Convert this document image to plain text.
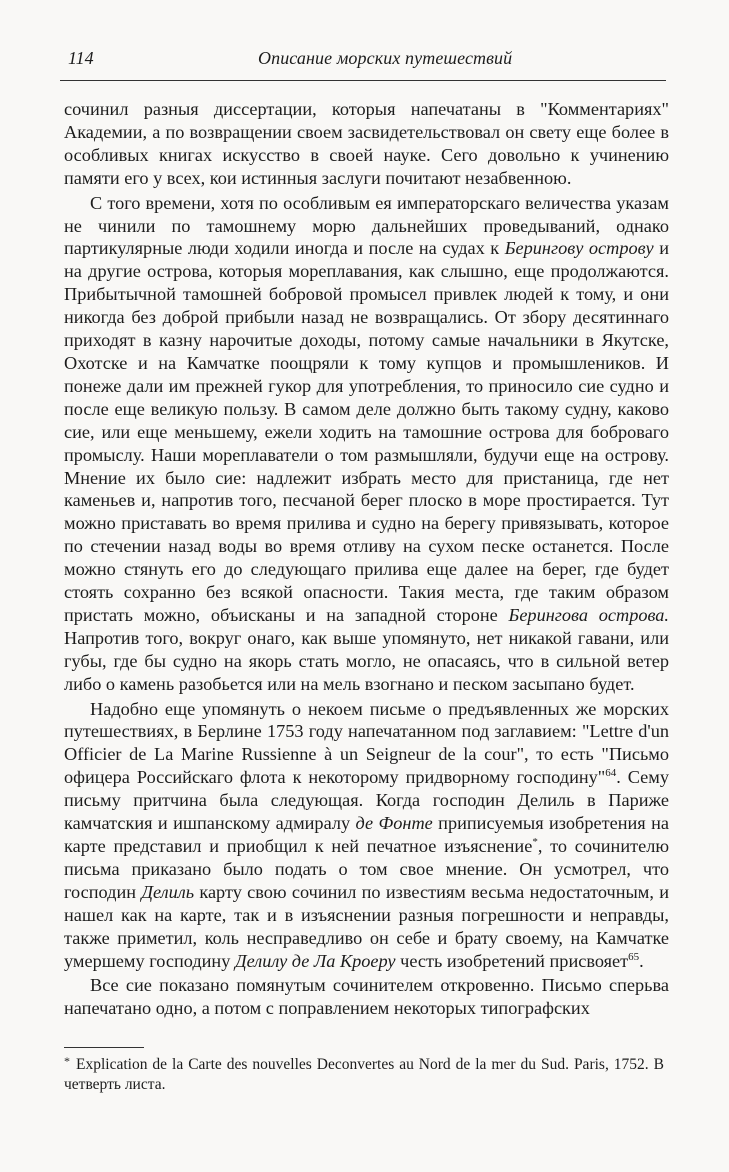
114	Описание морских путешествий

сочинил разныя диссертации, которыя напечатаны в "Комментариях" Академии, а по возвращении своем засвидетельствовал он свету еще более в особливых книгах искусство в своей науке. Сего довольно к учинению памяти его у всех, кои истинныя заслуги почитают незабвенною.

С того времени, хотя по особливым ея императорскаго величества указам не чинили по тамошнему морю дальнейших проведываний, однако партикулярные люди ходили иногда и после на судах к Берингову острову и на другие острова, которыя мореплавания, как слышно, еще продолжаются. Прибытычной тамошней бобровой промысел привлек людей к тому, и они никогда без доброй прибыли назад не возвращались. От збору десятиннаго приходят в казну нарочитые доходы, потому самые начальники в Якутске, Охотске и на Камчатке поощряли к тому купцов и промышлеников. И понеже дали им прежней гукор для употребления, то приносило сие судно и после еще великую пользу. В самом деле должно быть такому судну, каково сие, или еще меньшему, ежели ходить на тамошние острова для боброваго промыслу. Наши мореплаватели о том размышляли, будучи еще на острову. Мнение их было сие: надлежит избрать место для пристаница, где нет каменьев и, напротив того, песчаной берег плоско в море простирается. Тут можно приставать во время прилива и судно на берегу привязывать, которое по стечении назад воды во время отливу на сухом песке останется. После можно стянуть его до следующаго прилива еще далее на берег, где будет стоять сохранно без всякой опасности. Такия места, где таким образом пристать можно, объисканы и на западной стороне Берингова острова. Напротив того, вокруг онаго, как выше упомянуто, нет никакой гавани, или губы, где бы судно на якорь стать могло, не опасаясь, что в сильной ветер либо о камень разобьется или на мель взогнано и песком засыпано будет.

Надобно еще упомянуть о некоем письме о предъявленных же морских путешествиях, в Берлине 1753 году напечатанном под заглавием: "Lettre d'un Officier de La Marine Russienne à un Seigneur de la cour", то есть "Письмо офицера Российскаго флота к некоторому придворному господину"$^{64}$. Сему письму притчина была следующая. Когда господин Делиль в Париже камчатския и ишпанскому адмиралу де Фонте приписуемыя изобретения на карте представил и приобщил к ней печатное изъяснение*, то сочинителю письма приказано было подать о том свое мнение. Он усмотрел, что господин Делиль карту свою сочинил по известиям весьма недостаточным, и нашел как на карте, так и в изъяснении разныя погрешности и неправды, также приметил, коль несправедливо он себе и брату своему, на Камчатке умершему господину Делилу де Ла Кроеру честь изобретений присвояет$^{65}$.

Все сие показано помянутым сочинителем откровенно. Письмо сперьва напечатано одно, а потом с поправлением некоторых типографских

* Explication de la Carte des nouvelles Deconvertes au Nord de la mer du Sud. Paris, 1752. В четверть листа.
